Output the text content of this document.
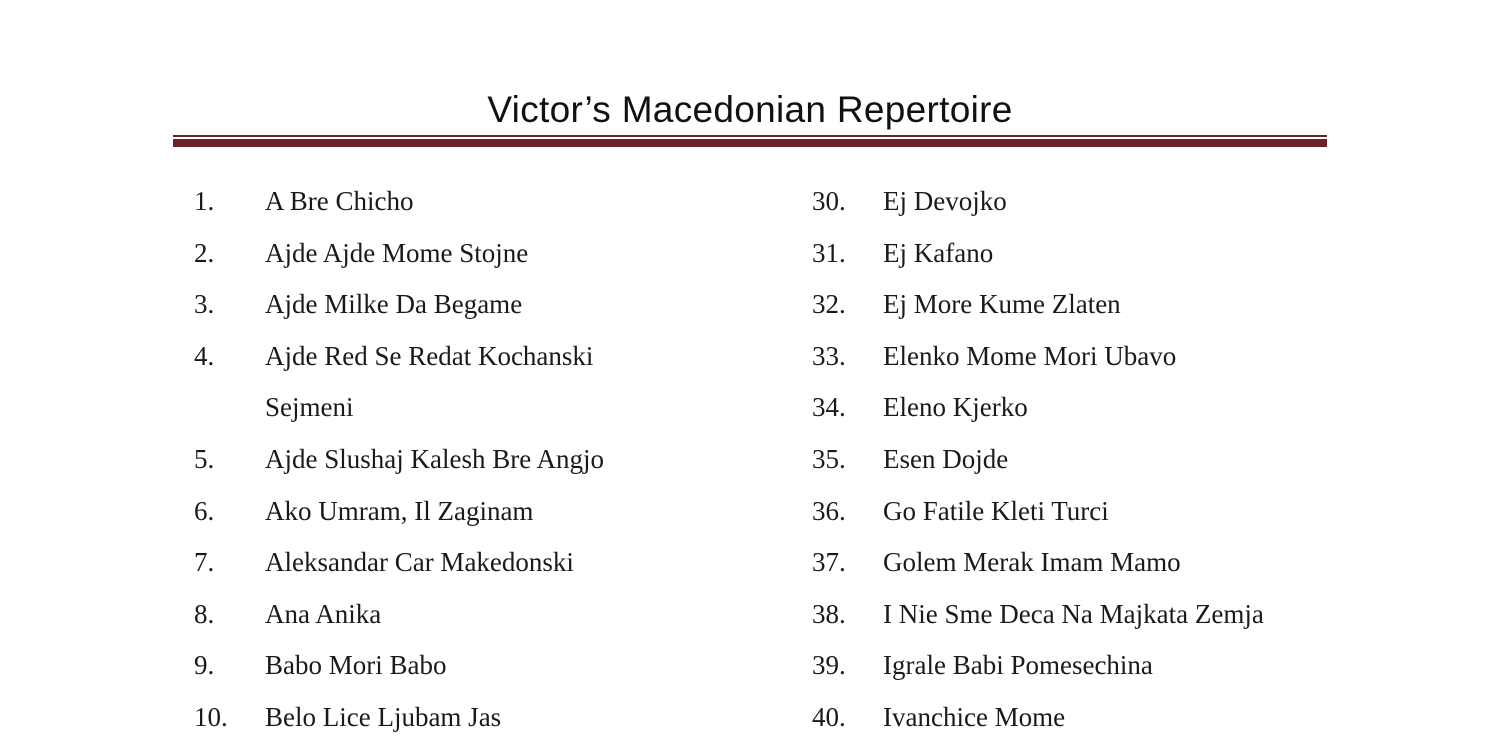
Victor’s Macedonian Repertoire
1.	A Bre Chicho
2.	Ajde Ajde Mome Stojne
3.	Ajde Milke Da Begame
4.	Ajde Red Se Redat Kochanski Sejmeni
5.	Ajde Slushaj Kalesh Bre Angjo
6.	Ako Umram, Il Zaginam
7.	Aleksandar Car Makedonski
8.	Ana Anika
9.	Babo Mori Babo
10.	Belo Lice Ljubam Jas
30.	Ej Devojko
31.	Ej Kafano
32.	Ej More Kume Zlaten
33.	Elenko Mome Mori Ubavo
34.	Eleno Kjerko
35.	Esen Dojde
36.	Go Fatile Kleti Turci
37.	Golem Merak Imam Mamo
38.	I Nie Sme Deca Na Majkata Zemja
39.	Igrale Babi Pomesechina
40.	Ivanchice Mome
